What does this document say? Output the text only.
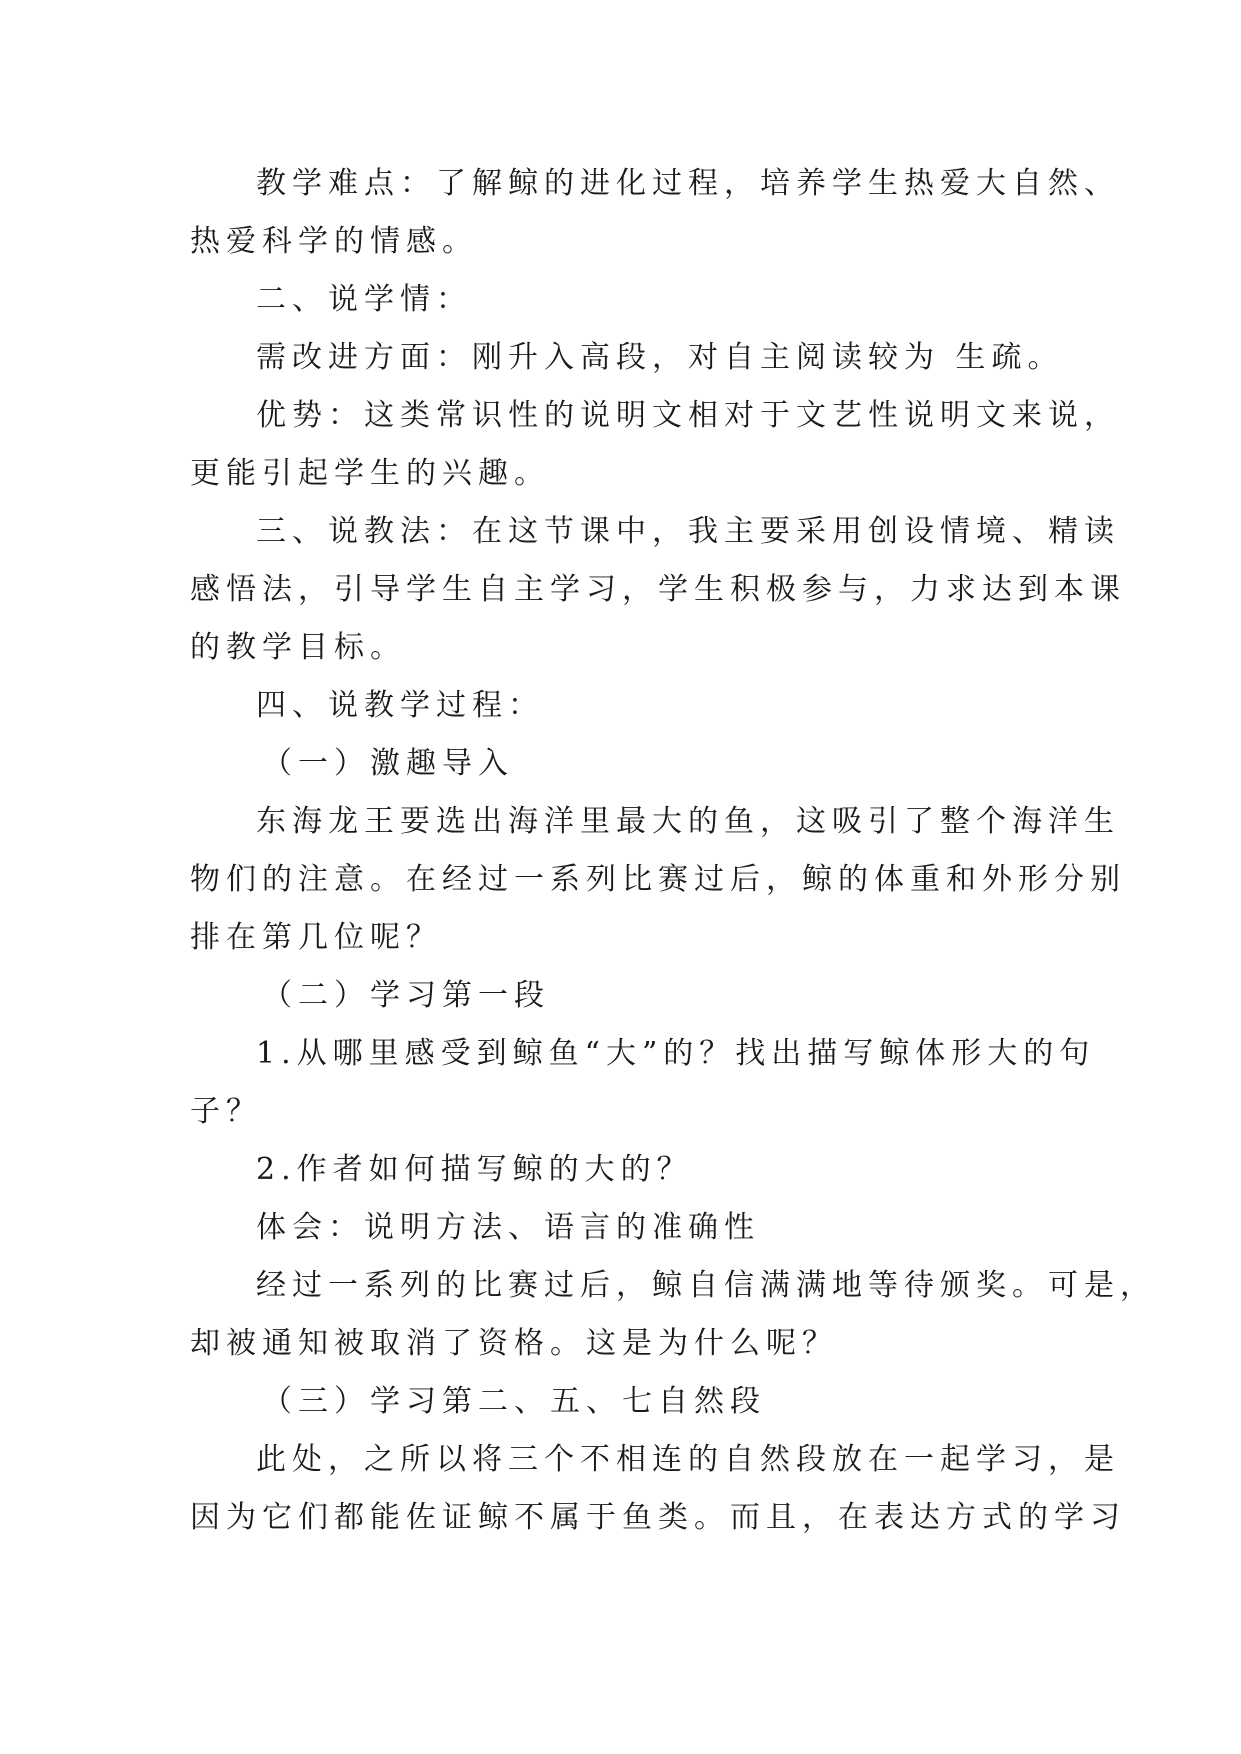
教学难点：了解鲸的进化过程，培养学生热爱大自然、
热爱科学的情感。
二、说学情：
需改进方面：刚升入高段，对自主阅读较为 生疏。
优势：这类常识性的说明文相对于文艺性说明文来说，
更能引起学生的兴趣。
三、说教法：在这节课中，我主要采用创设情境、精读
感悟法，引导学生自主学习，学生积极参与，力求达到本课
的教学目标。
四、说教学过程：
（一）激趣导入
东海龙王要选出海洋里最大的鱼，这吸引了整个海洋生
物们的注意。在经过一系列比赛过后，鲸的体重和外形分别
排在第几位呢？
（二）学习第一段
1.从哪里感受到鲸鱼“大”的？找出描写鲸体形大的句
子？
2.作者如何描写鲸的大的？
体会：说明方法、语言的准确性
经过一系列的比赛过后，鲸自信满满地等待颁奖。可是，
却被通知被取消了资格。这是为什么呢？
（三）学习第二、五、七自然段
此处，之所以将三个不相连的自然段放在一起学习，是
因为它们都能佐证鲸不属于鱼类。而且，在表达方式的学习
